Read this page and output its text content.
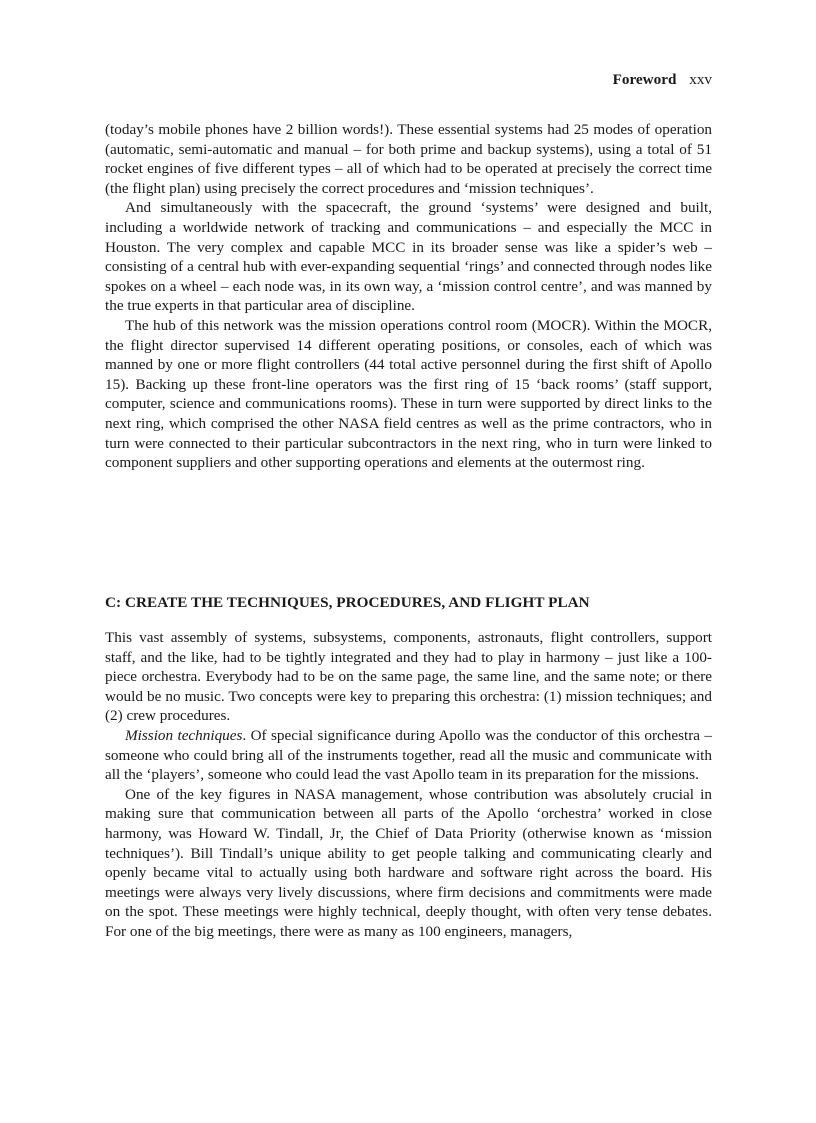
Foreword xxv

(today’s mobile phones have 2 billion words!). These essential systems had 25 modes of operation (automatic, semi-automatic and manual – for both prime and backup systems), using a total of 51 rocket engines of five different types – all of which had to be operated at precisely the correct time (the flight plan) using precisely the correct procedures and ‘mission techniques’.

And simultaneously with the spacecraft, the ground ‘systems’ were designed and built, including a worldwide network of tracking and communications – and especially the MCC in Houston. The very complex and capable MCC in its broader sense was like a spider’s web – consisting of a central hub with ever-expanding sequential ‘rings’ and connected through nodes like spokes on a wheel – each node was, in its own way, a ‘mission control centre’, and was manned by the true experts in that particular area of discipline.

The hub of this network was the mission operations control room (MOCR). Within the MOCR, the flight director supervised 14 different operating positions, or consoles, each of which was manned by one or more flight controllers (44 total active personnel during the first shift of Apollo 15). Backing up these front-line operators was the first ring of 15 ‘back rooms’ (staff support, computer, science and communications rooms). These in turn were supported by direct links to the next ring, which comprised the other NASA field centres as well as the prime contractors, who in turn were connected to their particular subcontractors in the next ring, who in turn were linked to component suppliers and other supporting operations and elements at the outermost ring.

C: CREATE THE TECHNIQUES, PROCEDURES, AND FLIGHT PLAN

This vast assembly of systems, subsystems, components, astronauts, flight controllers, support staff, and the like, had to be tightly integrated and they had to play in harmony – just like a 100-piece orchestra. Everybody had to be on the same page, the same line, and the same note; or there would be no music. Two concepts were key to preparing this orchestra: (1) mission techniques; and (2) crew procedures.

Mission techniques. Of special significance during Apollo was the conductor of this orchestra – someone who could bring all of the instruments together, read all the music and communicate with all the ‘players’, someone who could lead the vast Apollo team in its preparation for the missions.

One of the key figures in NASA management, whose contribution was absolutely crucial in making sure that communication between all parts of the Apollo ‘orchestra’ worked in close harmony, was Howard W. Tindall, Jr, the Chief of Data Priority (otherwise known as ‘mission techniques’). Bill Tindall’s unique ability to get people talking and communicating clearly and openly became vital to actually using both hardware and software right across the board. His meetings were always very lively discussions, where firm decisions and commitments were made on the spot. These meetings were highly technical, deeply thought, with often very tense debates. For one of the big meetings, there were as many as 100 engineers, managers,
